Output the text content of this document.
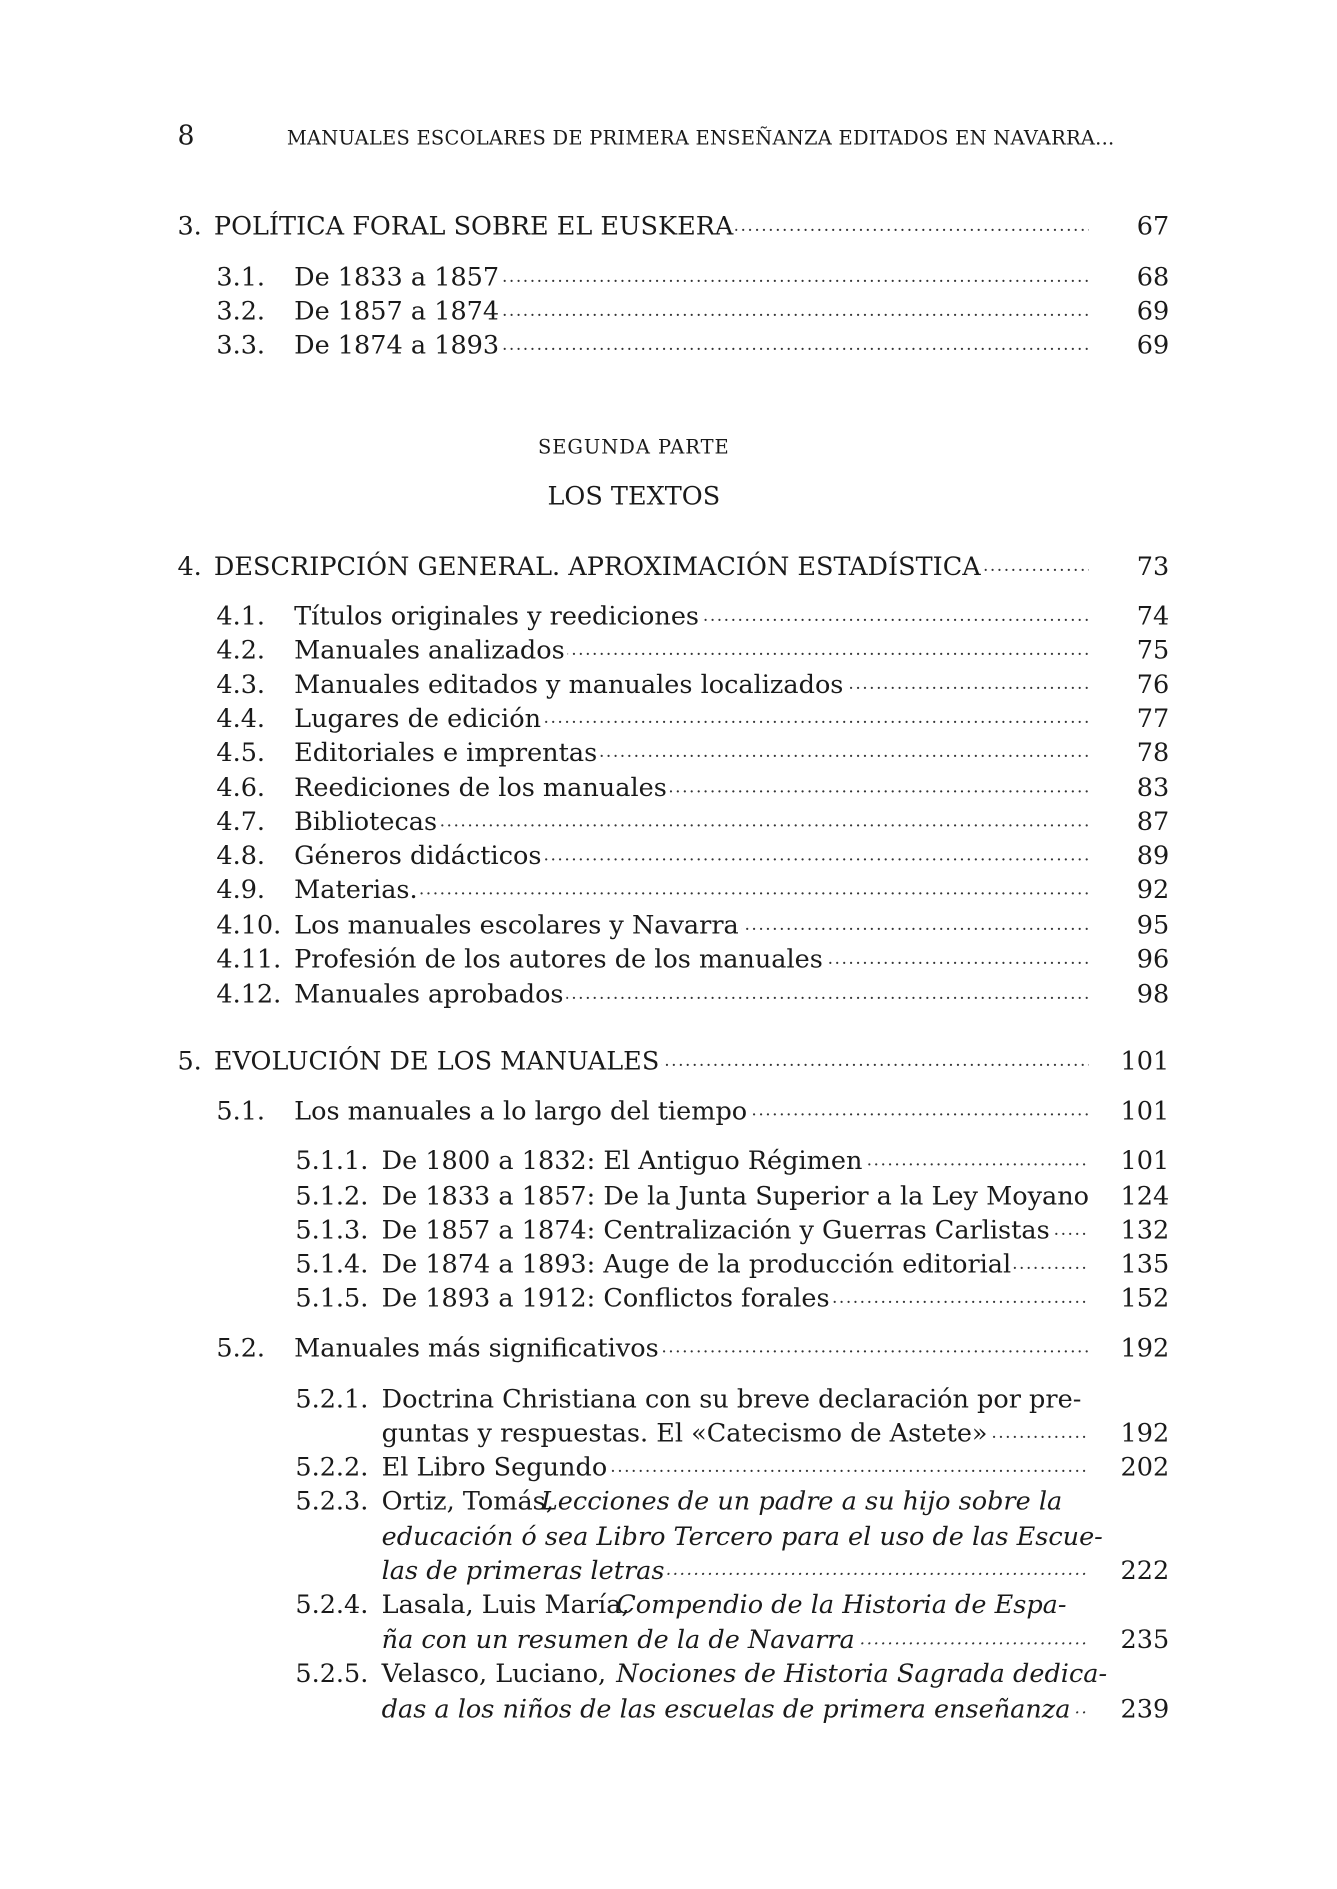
8	MANUALES ESCOLARES DE PRIMERA ENSEÑANZA EDITADOS EN NAVARRA...
3. POLÍTICA FORAL SOBRE EL EUSKERA . . .	67
3.1. De 1833 a 1857 . . .	68
3.2. De 1857 a 1874 . . .	69
3.3. De 1874 a 1893 . . .	69
SEGUNDA PARTE
LOS TEXTOS
4. DESCRIPCIÓN GENERAL. APROXIMACIÓN ESTADÍSTICA . . .	73
4.1. Títulos originales y reediciones . . .	74
4.2. Manuales analizados . . .	75
4.3. Manuales editados y manuales localizados . . .	76
4.4. Lugares de edición . . .	77
4.5. Editoriales e imprentas . . .	78
4.6. Reediciones de los manuales . . .	83
4.7. Bibliotecas . . .	87
4.8. Géneros didácticos . . .	89
4.9. Materias. . . .	92
4.10. Los manuales escolares y Navarra . . .	95
4.11. Profesión de los autores de los manuales . . .	96
4.12. Manuales aprobados . . .	98
5. EVOLUCIÓN DE LOS MANUALES . . .	101
5.1. Los manuales a lo largo del tiempo . . .	101
5.1.1. De 1800 a 1832: El Antiguo Régimen . . .	101
5.1.2. De 1833 a 1857: De la Junta Superior a la Ley Moyano . . . 124
5.1.3. De 1857 a 1874: Centralización y Guerras Carlistas . . .	132
5.1.4. De 1874 a 1893: Auge de la producción editorial . . .	135
5.1.5. De 1893 a 1912: Conflictos forales . . .	152
5.2. Manuales más significativos . . .	192
5.2.1. Doctrina Christiana con su breve declaración por pre-
guntas y respuestas. El «Catecismo de Astete» . . .	192
5.2.2. El Libro Segundo . . .	202
5.2.3. Ortiz, Tomás,
Lecciones de un padre a su hijo sobre la
educación ó sea Libro Tercero para el uso de las Escue-
las de primeras letras . . .	222
5.2.4. Lasala, Luis María,
Compendio de la Historia de Espa-
ña con un resumen de la de Navarra . . .	235
5.2.5. Velasco, Luciano, Nociones de Historia Sagrada dedica-
das a los niños de las escuelas de primera enseñanza . . .	239
